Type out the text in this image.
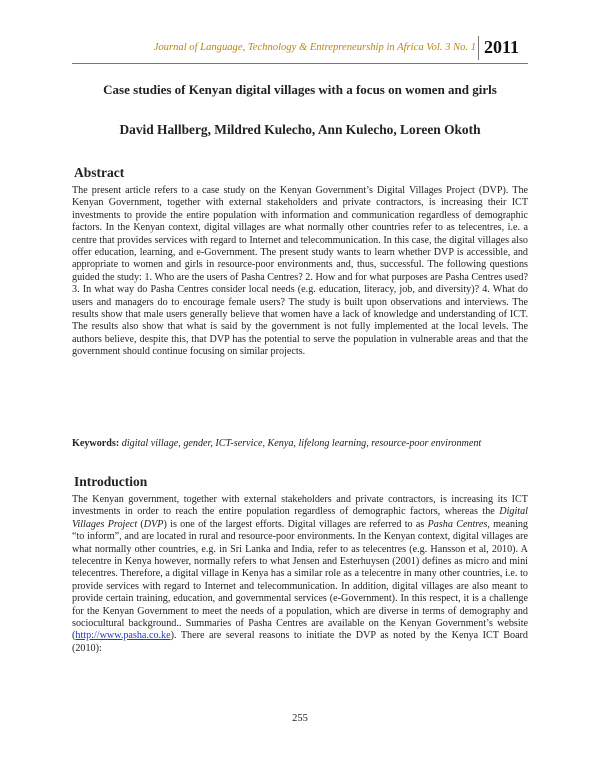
Journal of Language, Technology & Entrepreneurship in Africa Vol. 3 No. 1 2011
Case studies of Kenyan digital villages with a focus on women and girls
David Hallberg, Mildred Kulecho, Ann Kulecho, Loreen Okoth
Abstract
The present article refers to a case study on the Kenyan Government’s Digital Villages Project (DVP). The Kenyan Government, together with external stakeholders and private contractors, is increasing their ICT investments to provide the entire population with information and communication regardless of demographic factors. In the Kenyan context, digital villages are what normally other countries refer to as telecentres, i.e. a centre that provides services with regard to Internet and telecommunication. In this case, the digital villages also offer education, learning, and e-Government. The present study wants to learn whether DVP is accessible, and appropriate to women and girls in resource-poor environments and, thus, successful. The following questions guided the study: 1. Who are the users of Pasha Centres? 2. How and for what purposes are Pasha Centres used? 3. In what way do Pasha Centres consider local needs (e.g. education, literacy, job, and diversity)? 4. What do users and managers do to encourage female users? The study is built upon observations and interviews. The results show that male users generally believe that women have a lack of knowledge and understanding of ICT. The results also show that what is said by the government is not fully implemented at the local levels. The authors believe, despite this, that DVP has the potential to serve the population in vulnerable areas and that the government should continue focusing on similar projects.
Keywords: digital village, gender, ICT-service, Kenya, lifelong learning, resource-poor environment
Introduction
The Kenyan government, together with external stakeholders and private contractors, is increasing its ICT investments in order to reach the entire population regardless of demographic factors, whereas the Digital Villages Project (DVP) is one of the largest efforts. Digital villages are referred to as Pasha Centres, meaning “to inform”, and are located in rural and resource-poor environments. In the Kenyan context, digital villages are what normally other countries, e.g. in Sri Lanka and India, refer to as telecentres (e.g. Hansson et al, 2010). A telecentre in Kenya however, normally refers to what Jensen and Esterhuysen (2001) defines as micro and mini telecentres. Therefore, a digital village in Kenya has a similar role as a telecentre in many other countries, i.e. to provide services with regard to Internet and telecommunication. In addition, digital villages are also meant to provide certain training, education, and governmental services (e-Government). In this respect, it is a challenge for the Kenyan Government to meet the needs of a population, which are diverse in terms of demography and sociocultural background.. Summaries of Pasha Centres are available on the Kenyan Government’s website (http://www.pasha.co.ke). There are several reasons to initiate the DVP as noted by the Kenya ICT Board (2010):
255
